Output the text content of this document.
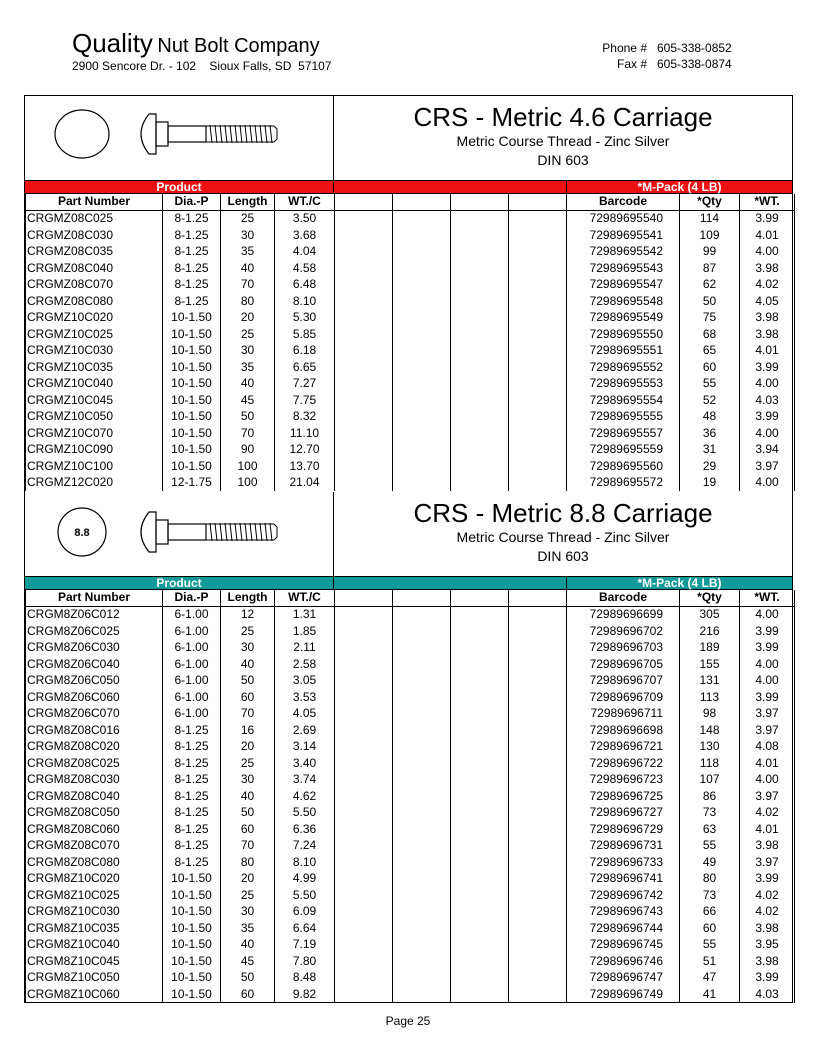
Quality Nut Bolt Company
2900 Sencore Dr. - 102    Sioux Falls, SD  57107
Phone # 605-338-0852
Fax # 605-338-0874
CRS - Metric 4.6 Carriage
Metric Course Thread - Zinc Silver
DIN 603
Product	*M-Pack (4 LB)
Part Number	Dia.-P	Length	WT./C					Barcode	*Qty	*WT.
CRGMZ08C025	8-1.25	25	3.50					72989695540	114	3.99
CRGMZ08C030	8-1.25	30	3.68					72989695541	109	4.01
CRGMZ08C035	8-1.25	35	4.04					72989695542	99	4.00
CRGMZ08C040	8-1.25	40	4.58					72989695543	87	3.98
CRGMZ08C070	8-1.25	70	6.48					72989695547	62	4.02
CRGMZ08C080	8-1.25	80	8.10					72989695548	50	4.05
CRGMZ10C020	10-1.50	20	5.30					72989695549	75	3.98
CRGMZ10C025	10-1.50	25	5.85					72989695550	68	3.98
CRGMZ10C030	10-1.50	30	6.18					72989695551	65	4.01
CRGMZ10C035	10-1.50	35	6.65					72989695552	60	3.99
CRGMZ10C040	10-1.50	40	7.27					72989695553	55	4.00
CRGMZ10C045	10-1.50	45	7.75					72989695554	52	4.03
CRGMZ10C050	10-1.50	50	8.32					72989695555	48	3.99
CRGMZ10C070	10-1.50	70	11.10					72989695557	36	4.00
CRGMZ10C090	10-1.50	90	12.70					72989695559	31	3.94
CRGMZ10C100	10-1.50	100	13.70					72989695560	29	3.97
CRGMZ12C020	12-1.75	100	21.04					72989695572	19	4.00
8.8
CRS - Metric 8.8 Carriage
Metric Course Thread - Zinc Silver
DIN 603
Product	*M-Pack (4 LB)
Part Number	Dia.-P	Length	WT./C					Barcode	*Qty	*WT.
CRGM8Z06C012	6-1.00	12	1.31					72989696699	305	4.00
CRGM8Z06C025	6-1.00	25	1.85					72989696702	216	3.99
CRGM8Z06C030	6-1.00	30	2.11					72989696703	189	3.99
CRGM8Z06C040	6-1.00	40	2.58					72989696705	155	4.00
CRGM8Z06C050	6-1.00	50	3.05					72989696707	131	4.00
CRGM8Z06C060	6-1.00	60	3.53					72989696709	113	3.99
CRGM8Z06C070	6-1.00	70	4.05					72989696711	98	3.97
CRGM8Z08C016	8-1.25	16	2.69					72989696698	148	3.97
CRGM8Z08C020	8-1.25	20	3.14					72989696721	130	4.08
CRGM8Z08C025	8-1.25	25	3.40					72989696722	118	4.01
CRGM8Z08C030	8-1.25	30	3.74					72989696723	107	4.00
CRGM8Z08C040	8-1.25	40	4.62					72989696725	86	3.97
CRGM8Z08C050	8-1.25	50	5.50					72989696727	73	4.02
CRGM8Z08C060	8-1.25	60	6.36					72989696729	63	4.01
CRGM8Z08C070	8-1.25	70	7.24					72989696731	55	3.98
CRGM8Z08C080	8-1.25	80	8.10					72989696733	49	3.97
CRGM8Z10C020	10-1.50	20	4.99					72989696741	80	3.99
CRGM8Z10C025	10-1.50	25	5.50					72989696742	73	4.02
CRGM8Z10C030	10-1.50	30	6.09					72989696743	66	4.02
CRGM8Z10C035	10-1.50	35	6.64					72989696744	60	3.98
CRGM8Z10C040	10-1.50	40	7.19					72989696745	55	3.95
CRGM8Z10C045	10-1.50	45	7.80					72989696746	51	3.98
CRGM8Z10C050	10-1.50	50	8.48					72989696747	47	3.99
CRGM8Z10C060	10-1.50	60	9.82					72989696749	41	4.03
Page 25
